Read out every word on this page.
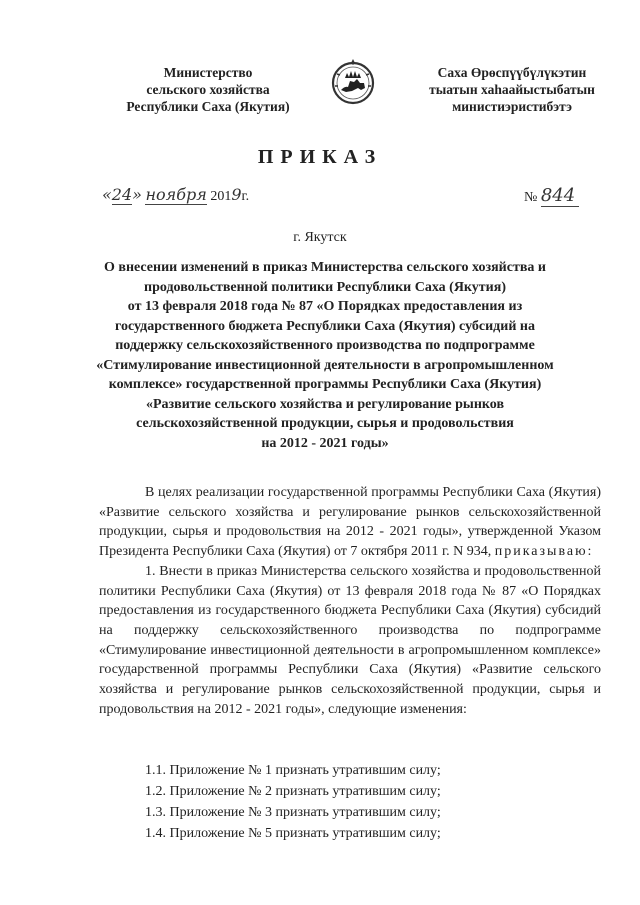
Министерство
сельского хозяйства
Республики Саха (Якутия)
Саха Өрөспүүбүлүкэтин
тыатын хаһаайыстыбатын
министиэристибэтэ
ПРИКАЗ
«24» ноября 2019г.	№ 844
г. Якутск
О внесении изменений в приказ Министерства сельского хозяйства и
продовольственной политики Республики Саха (Якутия)
от 13 февраля 2018 года № 87 «О Порядках предоставления из
государственного бюджета Республики Саха (Якутия) субсидий на
поддержку сельскохозяйственного производства по подпрограмме
«Стимулирование инвестиционной деятельности в агропромышленном
комплексе» государственной программы Республики Саха (Якутия)
«Развитие сельского хозяйства и регулирование рынков
сельскохозяйственной продукции, сырья и продовольствия
на 2012 - 2021 годы»

В целях реализации государственной программы Республики Саха (Якутия) «Развитие сельского хозяйства и регулирование рынков сельскохозяйственной продукции, сырья и продовольствия на 2012 - 2021 годы», утвержденной Указом Президента Республики Саха (Якутия) от 7 октября 2011 г. N 934, приказываю:

1. Внести в приказ Министерства сельского хозяйства и продовольственной политики Республики Саха (Якутия) от 13 февраля 2018 года № 87 «О Порядках предоставления из государственного бюджета Республики Саха (Якутия) субсидий на поддержку сельскохозяйственного производства по подпрограмме «Стимулирование инвестиционной деятельности в агропромышленном комплексе» государственной программы Республики Саха (Якутия) «Развитие сельского хозяйства и регулирование рынков сельскохозяйственной продукции, сырья и продовольствия на 2012 - 2021 годы», следующие изменения:

1.1. Приложение № 1 признать утратившим силу;
1.2. Приложение № 2 признать утратившим силу;
1.3. Приложение № 3 признать утратившим силу;
1.4. Приложение № 5 признать утратившим силу;
